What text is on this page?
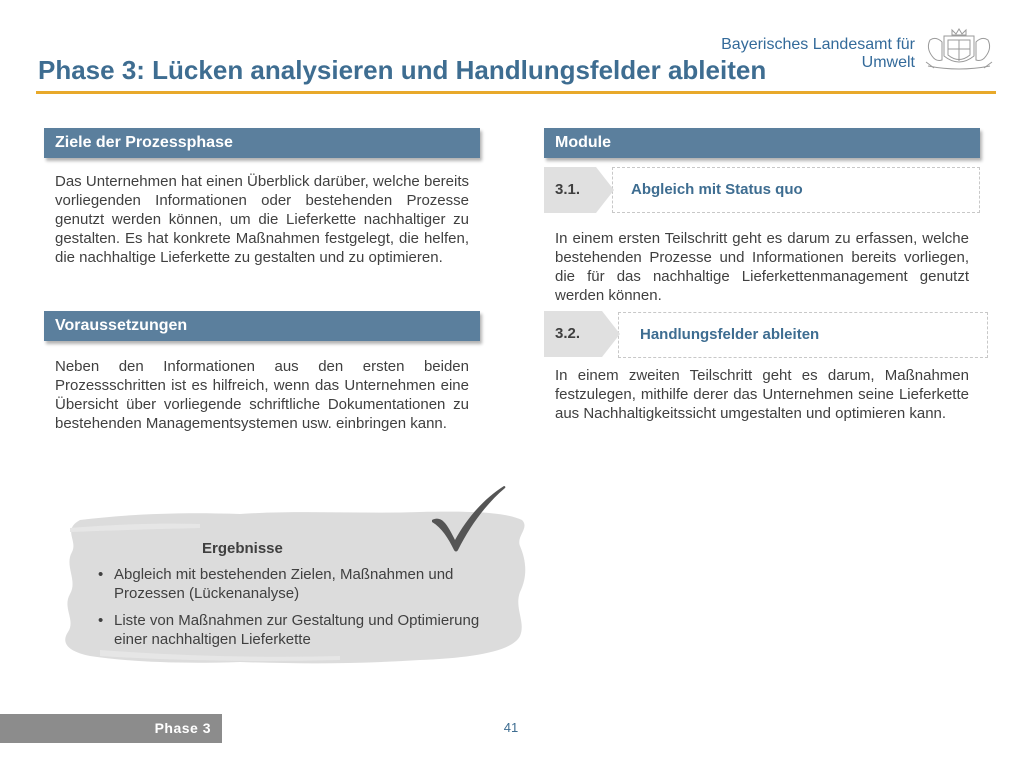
Bayerisches Landesamt für
Umwelt
Phase 3: Lücken analysieren und Handlungsfelder ableiten
Ziele der Prozessphase
Das Unternehmen hat einen Überblick darüber, welche bereits vorliegenden Informationen oder bestehenden Prozesse genutzt werden können, um die Lieferkette nachhaltiger zu gestalten. Es hat konkrete Maßnahmen festgelegt, die helfen, die nachhaltige Lieferkette zu gestalten und zu optimieren.
Voraussetzungen
Neben den Informationen aus den ersten beiden Prozessschritten ist es hilfreich, wenn das Unternehmen eine Übersicht über vorliegende schriftliche Dokumentationen zu bestehenden Managementsystemen usw. einbringen kann.
Module
Abgleich mit Status quo
3.1.
In einem ersten Teilschritt geht es darum zu erfassen, welche bestehenden Prozesse und Informationen bereits vorliegen, die für das nachhaltige Lieferkettenmanagement genutzt werden können.
Handlungsfelder ableiten
3.2.
In einem zweiten Teilschritt geht es darum, Maßnahmen festzulegen, mithilfe derer das Unternehmen seine Lieferkette aus Nachhaltigkeitssicht umgestalten und optimieren kann.
Ergebnisse
• Abgleich mit bestehenden Zielen, Maßnahmen und Prozessen (Lückenanalyse)
• Liste von Maßnahmen zur Gestaltung und Optimierung einer nachhaltigen Lieferkette
Phase 3	41
